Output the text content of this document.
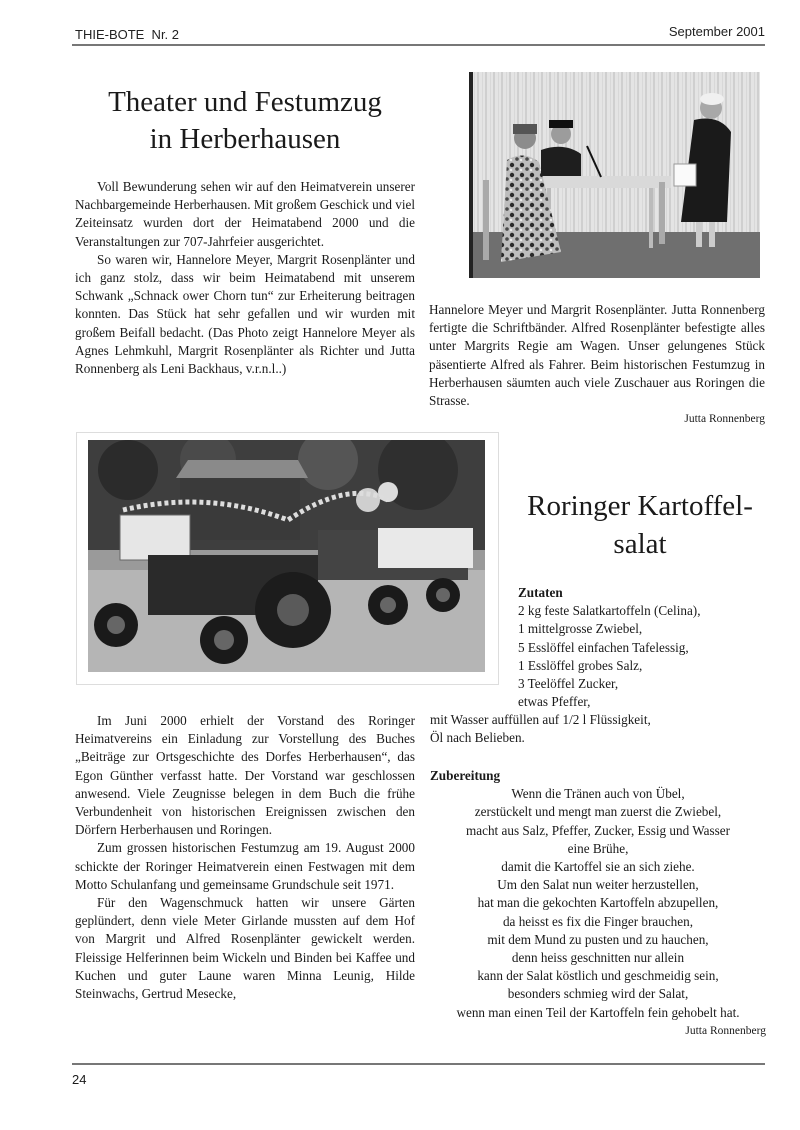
THIE-BOTE  Nr. 2	September 2001
Theater und Festumzug
in Herberhausen

Voll Bewunderung sehen wir auf den Heimatverein unserer Nachbargemeinde Herberhausen. Mit großem Geschick und viel Zeiteinsatz wurden dort der Heimatabend 2000 und die Veranstaltungen zur 707-Jahrfeier ausgerichtet.

So waren wir, Hannelore Meyer, Margrit Rosenplänter und ich ganz stolz, dass wir beim Heimatabend mit unserem Schwank „Schnack ower Chorn tun“ zur Erheiterung beitragen konnten. Das Stück hat sehr gefallen und wir wurden mit großem Beifall bedacht. (Das Photo zeigt Hannelore Meyer als Agnes Lehmkuhl, Margrit Rosenplänter als Richter und Jutta Ronnenberg als Leni Backhaus, v.r.n.l..)

Hannelore Meyer und Margrit Rosenplänter. Jutta Ronnenberg fertigte die Schriftbänder. Alfred Rosenplänter befestigte alles unter Margrits Regie am Wagen. Unser gelungenes Stück päsentierte Alfred als Fahrer. Beim historischen Festumzug in Herberhausen säumten auch viele Zuschauer aus Roringen die Strasse.

Jutta Ronnenberg

Roringer Kartoffel-
salat
Zutaten
2 kg feste Salatkartoffeln (Celina),
1 mittelgrosse Zwiebel,
5 Esslöffel einfachen Tafelessig,
1 Esslöffel grobes Salz,
3 Teelöffel Zucker,
etwas Pfeffer,
mit Wasser auffüllen auf 1/2 l Flüssigkeit,
Öl nach Belieben.
Zubereitung
Wenn die Tränen auch von Übel,
zerstückelt und mengt man zuerst die Zwiebel,
macht aus Salz, Pfeffer, Zucker, Essig und Wasser
eine Brühe,
damit die Kartoffel sie an sich ziehe.
Um den Salat nun weiter herzustellen,
hat man die gekochten Kartoffeln abzupellen,
da heisst es fix die Finger brauchen,
mit dem Mund zu pusten und zu hauchen,
denn heiss geschnitten nur allein
kann der Salat köstlich und geschmeidig sein,
besonders schmieg wird der Salat,
wenn man einen Teil der Kartoffeln fein gehobelt hat.
Jutta Ronnenberg

Im Juni 2000 erhielt der Vorstand des Roringer Heimatvereins ein Einladung zur Vorstellung des Buches „Beiträge zur Ortsgeschichte des Dorfes Herberhausen“, das Egon Günther verfasst hatte. Der Vorstand war geschlossen anwesend. Viele Zeugnisse belegen in dem Buch die frühe Verbundenheit von historischen Ereignissen zwischen den Dörfern Herberhausen und Roringen.

Zum grossen historischen Festumzug am 19. August 2000 schickte der Roringer Heimatverein einen Festwagen mit dem Motto Schulanfang und gemeinsame Grundschule seit 1971.

Für den Wagenschmuck hatten wir unsere Gärten geplündert, denn viele Meter Girlande mussten auf dem Hof von Margrit und Alfred Rosenplänter gewickelt werden. Fleissige Helferinnen beim Wickeln und Binden bei Kaffee und Kuchen und guter Laune waren Minna Leunig, Hilde Steinwachs, Gertrud Mesecke,

24
